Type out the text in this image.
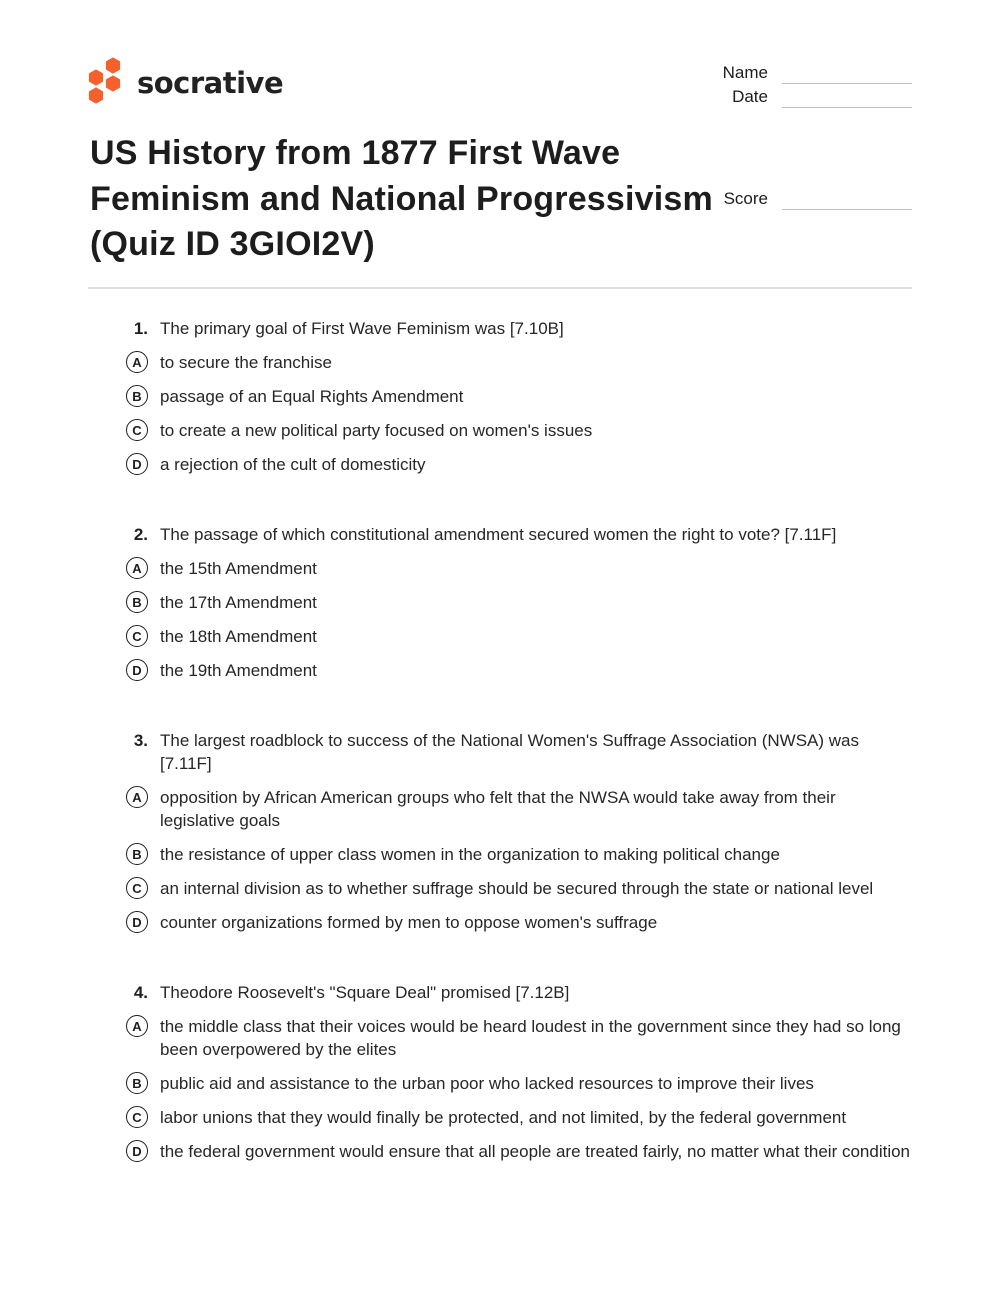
socrative	Name
Date
Score
US History from 1877 First Wave Feminism and National Progressivism (Quiz ID 3GIOI2V)
1. The primary goal of First Wave Feminism was [7.10B]
A to secure the franchise
B passage of an Equal Rights Amendment
C to create a new political party focused on women's issues
D a rejection of the cult of domesticity
2. The passage of which constitutional amendment secured women the right to vote? [7.11F]
A the 15th Amendment
B the 17th Amendment
C the 18th Amendment
D the 19th Amendment
3. The largest roadblock to success of the National Women's Suffrage Association (NWSA) was [7.11F]
A opposition by African American groups who felt that the NWSA would take away from their legislative goals
B the resistance of upper class women in the organization to making political change
C an internal division as to whether suffrage should be secured through the state or national level
D counter organizations formed by men to oppose women's suffrage
4. Theodore Roosevelt's "Square Deal" promised [7.12B]
A the middle class that their voices would be heard loudest in the government since they had so long been overpowered by the elites
B public aid and assistance to the urban poor who lacked resources to improve their lives
C labor unions that they would finally be protected, and not limited, by the federal government
D the federal government would ensure that all people are treated fairly, no matter what their condition
